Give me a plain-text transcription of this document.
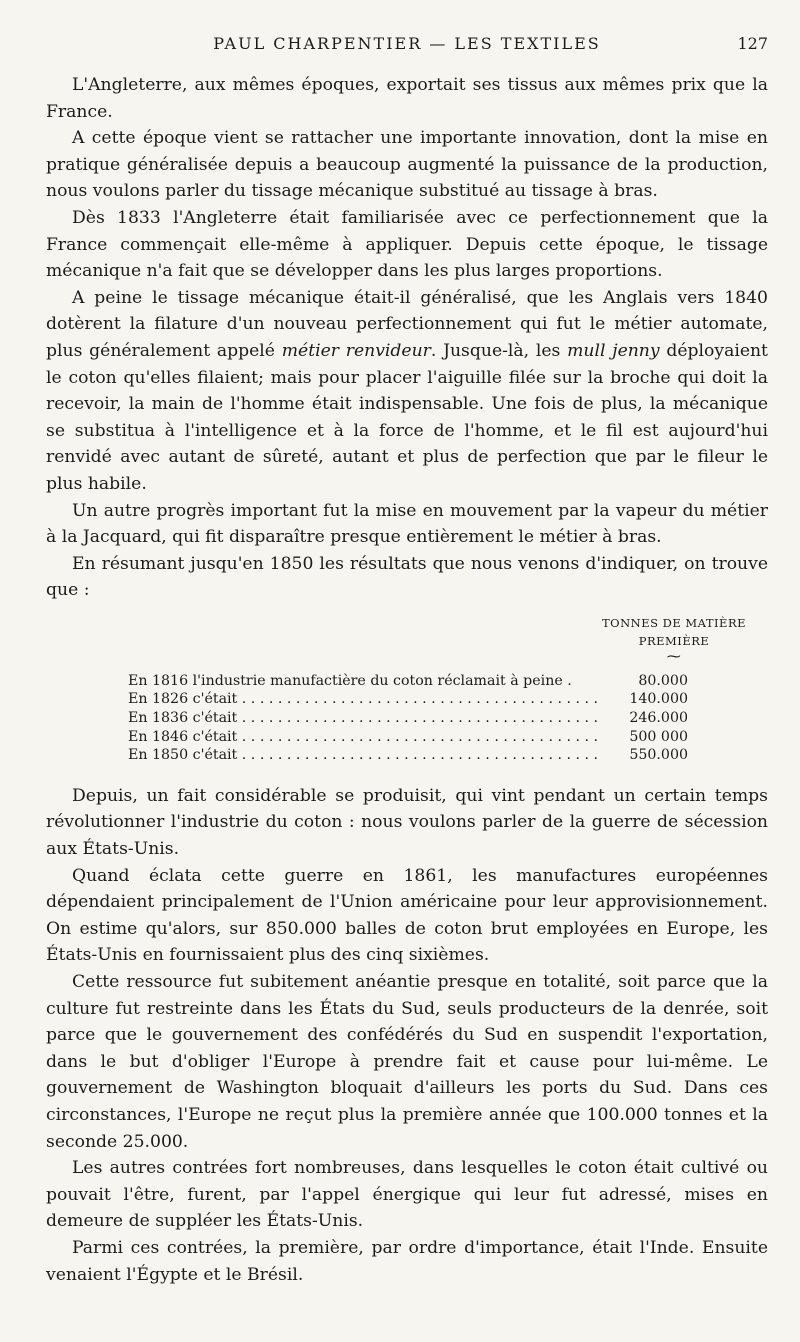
PAUL CHARPENTIER — LES TEXTILES	127

L'Angleterre, aux mêmes époques, exportait ses tissus aux mêmes prix que la France.

A cette époque vient se rattacher une importante innovation, dont la mise en pratique généralisée depuis a beaucoup augmenté la puissance de la production, nous voulons parler du tissage mécanique substitué au tissage à bras.

Dès 1833 l'Angleterre était familiarisée avec ce perfectionnement que la France commençait elle-même à appliquer. Depuis cette époque, le tissage mécanique n'a fait que se développer dans les plus larges proportions.

A peine le tissage mécanique était-il généralisé, que les Anglais vers 1840 dotèrent la filature d'un nouveau perfectionnement qui fut le métier automate, plus généralement appelé métier renvideur. Jusque-là, les mull jenny déployaient le coton qu'elles filaient; mais pour placer l'aiguille filée sur la broche qui doit la recevoir, la main de l'homme était indispensable. Une fois de plus, la mécanique se substitua à l'intelligence et à la force de l'homme, et le fil est aujourd'hui renvidé avec autant de sûreté, autant et plus de perfection que par le fileur le plus habile.

Un autre progrès important fut la mise en mouvement par la vapeur du métier à la Jacquard, qui fit disparaître presque entièrement le métier à bras.

En résumant jusqu'en 1850 les résultats que nous venons d'indiquer, on trouve que :

TONNES DE MATIÈRE
PREMIÈRE
⁓
En 1816 l'industrie manufactière du coton réclamait à peine .	80.000

En 1826 c'était . . .	140.000

En 1836 c'était . . .	246.000

En 1846 c'était . . .	500 000

En 1850 c'était . . .	550.000

Depuis, un fait considérable se produisit, qui vint pendant un certain temps révolutionner l'industrie du coton : nous voulons parler de la guerre de sécession aux États-Unis.

Quand éclata cette guerre en 1861, les manufactures européennes dépendaient principalement de l'Union américaine pour leur approvisionnement. On estime qu'alors, sur 850.000 balles de coton brut employées en Europe, les États-Unis en fournissaient plus des cinq sixièmes.

Cette ressource fut subitement anéantie presque en totalité, soit parce que la culture fut restreinte dans les États du Sud, seuls producteurs de la denrée, soit parce que le gouvernement des confédérés du Sud en suspendit l'exportation, dans le but d'obliger l'Europe à prendre fait et cause pour lui-même. Le gouvernement de Washington bloquait d'ailleurs les ports du Sud. Dans ces circonstances, l'Europe ne reçut plus la première année que 100.000 tonnes et la seconde 25.000.

Les autres contrées fort nombreuses, dans lesquelles le coton était cultivé ou pouvait l'être, furent, par l'appel énergique qui leur fut adressé, mises en demeure de suppléer les États-Unis.

Parmi ces contrées, la première, par ordre d'importance, était l'Inde. Ensuite venaient l'Égypte et le Brésil.
